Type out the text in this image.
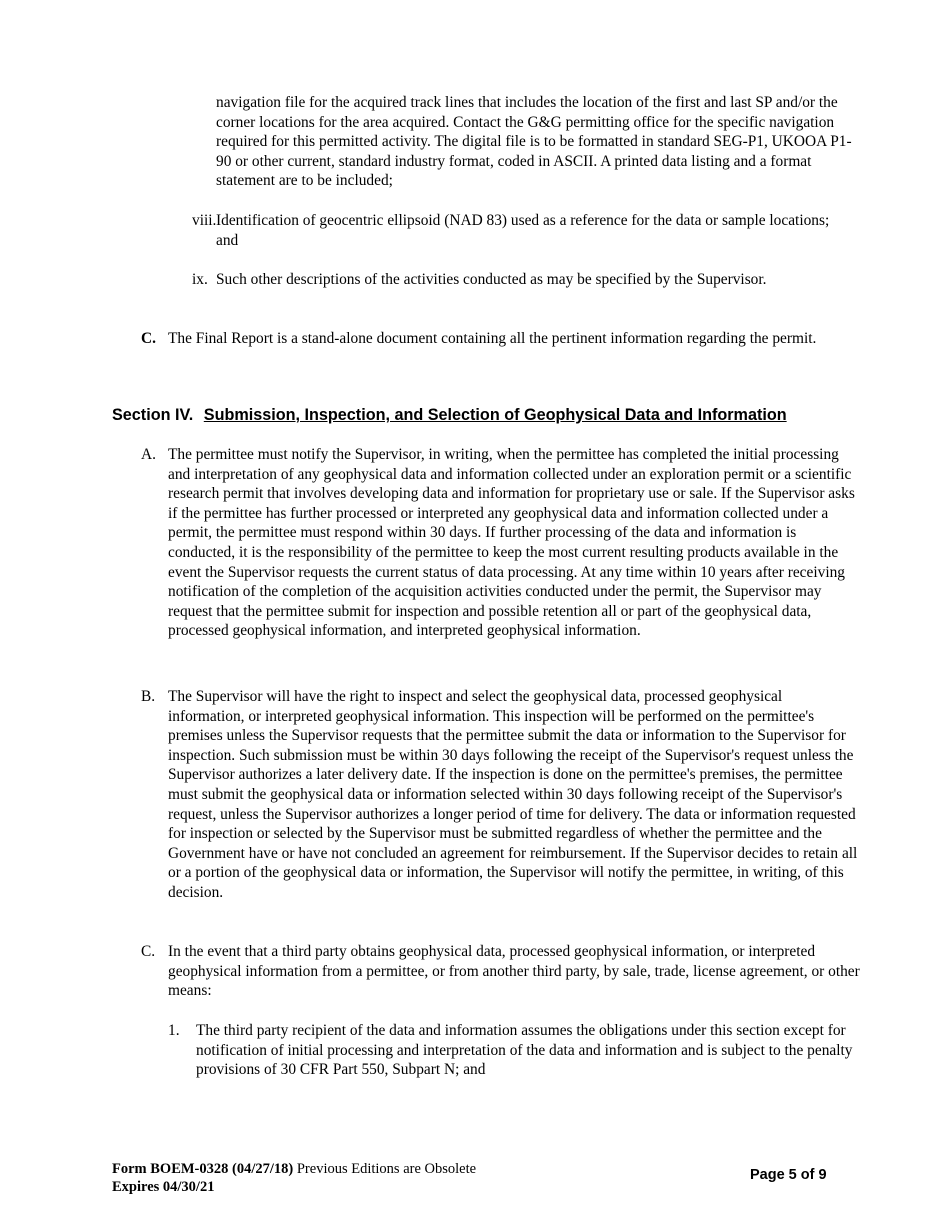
navigation file for the acquired track lines that includes the location of the first and last SP and/or the corner locations for the area acquired. Contact the G&G permitting office for the specific navigation required for this permitted activity. The digital file is to be formatted in standard SEG-P1, UKOOA P1-90 or other current, standard industry format, coded in ASCII. A printed data listing and a format statement are to be included;

viii. Identification of geocentric ellipsoid (NAD 83) used as a reference for the data or sample locations; and
ix. Such other descriptions of the activities conducted as may be specified by the Supervisor.
C. The Final Report is a stand-alone document containing all the pertinent information regarding the permit.
Section IV. Submission, Inspection, and Selection of Geophysical Data and Information
A. The permittee must notify the Supervisor, in writing, when the permittee has completed the initial processing and interpretation of any geophysical data and information collected under an exploration permit or a scientific research permit that involves developing data and information for proprietary use or sale. If the Supervisor asks if the permittee has further processed or interpreted any geophysical data and information collected under a permit, the permittee must respond within 30 days. If further processing of the data and information is conducted, it is the responsibility of the permittee to keep the most current resulting products available in the event the Supervisor requests the current status of data processing. At any time within 10 years after receiving notification of the completion of the acquisition activities conducted under the permit, the Supervisor may request that the permittee submit for inspection and possible retention all or part of the geophysical data, processed geophysical information, and interpreted geophysical information.
B. The Supervisor will have the right to inspect and select the geophysical data, processed geophysical information, or interpreted geophysical information. This inspection will be performed on the permittee's premises unless the Supervisor requests that the permittee submit the data or information to the Supervisor for inspection. Such submission must be within 30 days following the receipt of the Supervisor's request unless the Supervisor authorizes a later delivery date. If the inspection is done on the permittee's premises, the permittee must submit the geophysical data or information selected within 30 days following receipt of the Supervisor's request, unless the Supervisor authorizes a longer period of time for delivery. The data or information requested for inspection or selected by the Supervisor must be submitted regardless of whether the permittee and the Government have or have not concluded an agreement for reimbursement. If the Supervisor decides to retain all or a portion of the geophysical data or information, the Supervisor will notify the permittee, in writing, of this decision.
C. In the event that a third party obtains geophysical data, processed geophysical information, or interpreted geophysical information from a permittee, or from another third party, by sale, trade, license agreement, or other means:
1.	The third party recipient of the data and information assumes the obligations under this section except for notification of initial processing and interpretation of the data and information and is subject to the penalty provisions of 30 CFR Part 550, Subpart N; and
Form BOEM-0328 (04/27/18) Previous Editions are Obsolete
Expires 04/30/21
Page 5 of 9
